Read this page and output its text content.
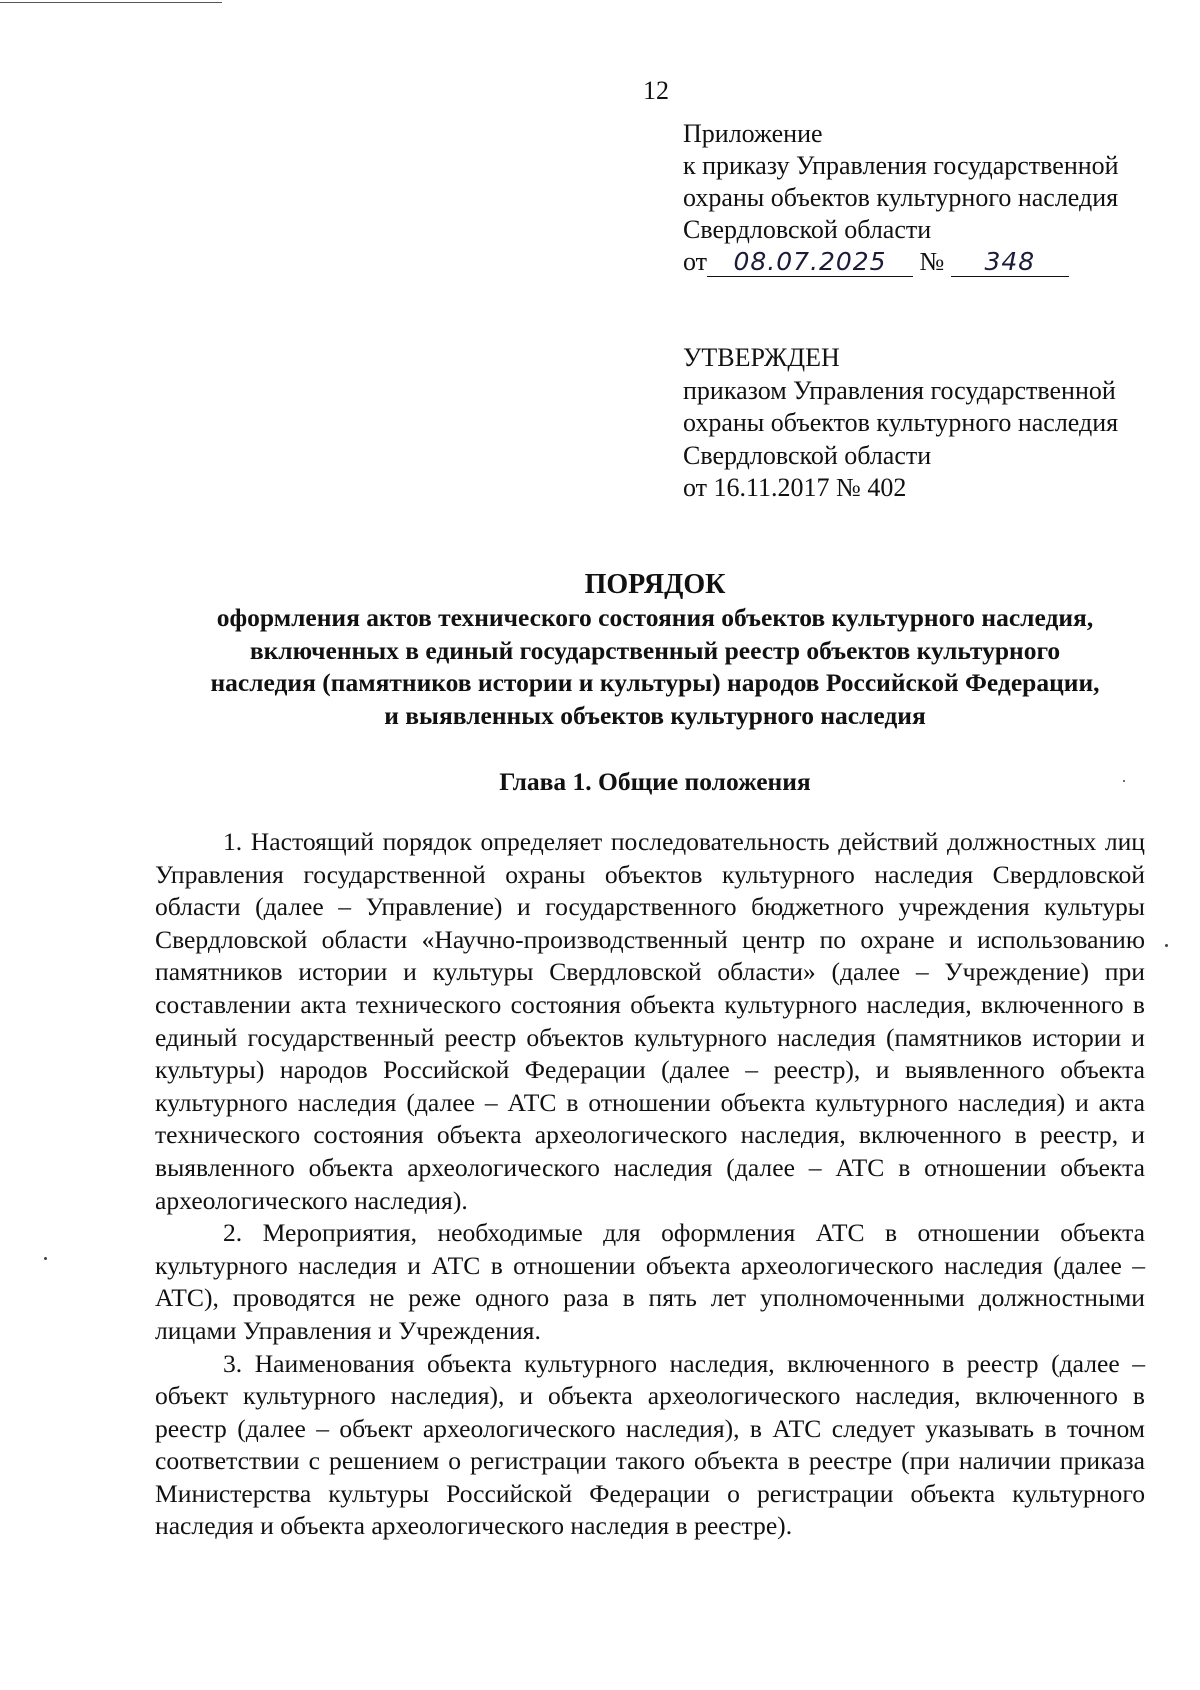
12
Приложение
к приказу Управления государственной
охраны объектов культурного наследия
Свердловской области
от 08.07.2025 № 348
УТВЕРЖДЕН
приказом Управления государственной
охраны объектов культурного наследия
Свердловской области
от 16.11.2017 № 402
ПОРЯДОК
оформления актов технического состояния объектов культурного наследия,
включенных в единый государственный реестр объектов культурного
наследия (памятников истории и культуры) народов Российской Федерации,
и выявленных объектов культурного наследия
Глава 1. Общие положения

1. Настоящий порядок определяет последовательность действий должностных лиц Управления государственной охраны объектов культурного наследия Свердловской области (далее – Управление) и государственного бюджетного учреждения культуры Свердловской области «Научно-производственный центр по охране и использованию памятников истории и культуры Свердловской области» (далее – Учреждение) при составлении акта технического состояния объекта культурного наследия, включенного в единый государственный реестр объектов культурного наследия (памятников истории и культуры) народов Российской Федерации (далее – реестр), и выявленного объекта культурного наследия (далее – АТС в отношении объекта культурного наследия) и акта технического состояния объекта археологического наследия, включенного в реестр, и выявленного объекта археологического наследия (далее – АТС в отношении объекта археологического наследия).

2. Мероприятия, необходимые для оформления АТС в отношении объекта культурного наследия и АТС в отношении объекта археологического наследия (далее – АТС), проводятся не реже одного раза в пять лет уполномоченными должностными лицами Управления и Учреждения.

3. Наименования объекта культурного наследия, включенного в реестр (далее – объект культурного наследия), и объекта археологического наследия, включенного в реестр (далее – объект археологического наследия), в АТС следует указывать в точном соответствии с решением о регистрации такого объекта в реестре (при наличии приказа Министерства культуры Российской Федерации о регистрации объекта культурного наследия и объекта археологического наследия в реестре).
